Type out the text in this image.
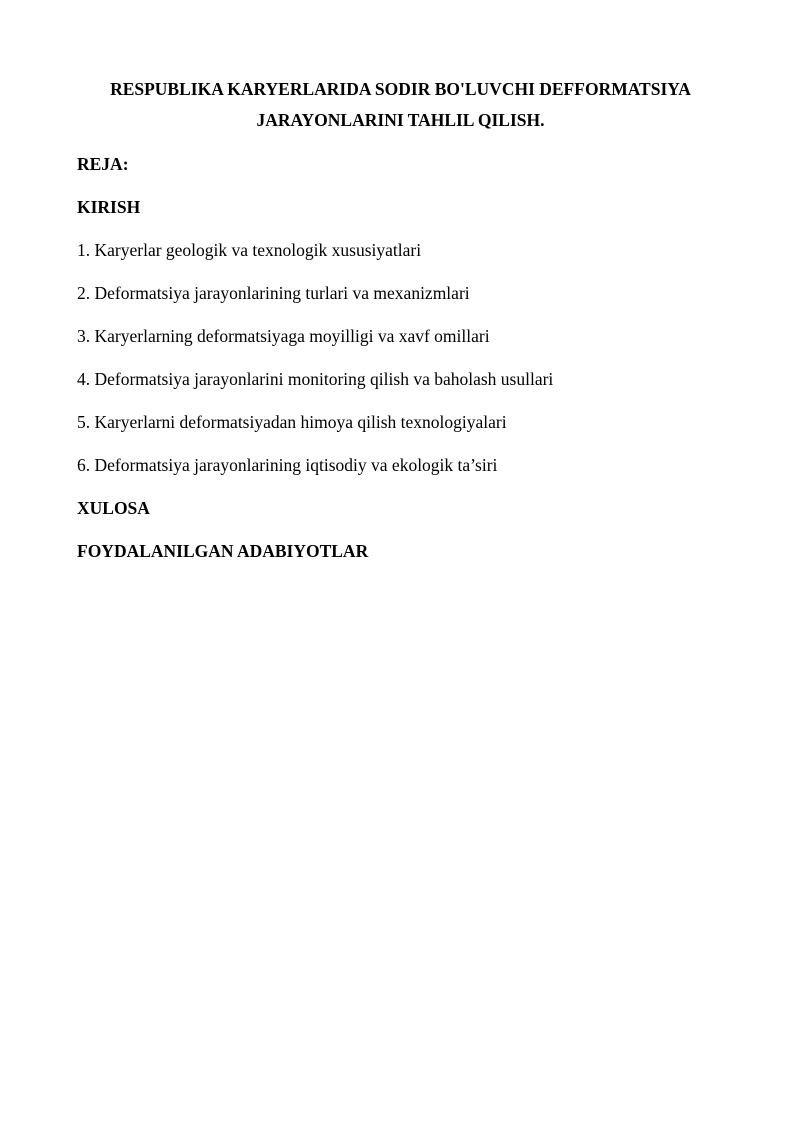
RESPUBLIKA KARYERLARIDA SODIR BO'LUVCHI DEFFORMATSIYA
JARAYONLARINI TAHLIL QILISH.

REJA:

KIRISH

1. Karyerlar geologik va texnologik xususiyatlari

2. Deformatsiya jarayonlarining turlari va mexanizmlari

3. Karyerlarning deformatsiyaga moyilligi va xavf omillari

4. Deformatsiya jarayonlarini monitoring qilish va baholash usullari

5. Karyerlarni deformatsiyadan himoya qilish texnologiyalari

6. Deformatsiya jarayonlarining iqtisodiy va ekologik ta’siri

XULOSA

FOYDALANILGAN ADABIYOTLAR
